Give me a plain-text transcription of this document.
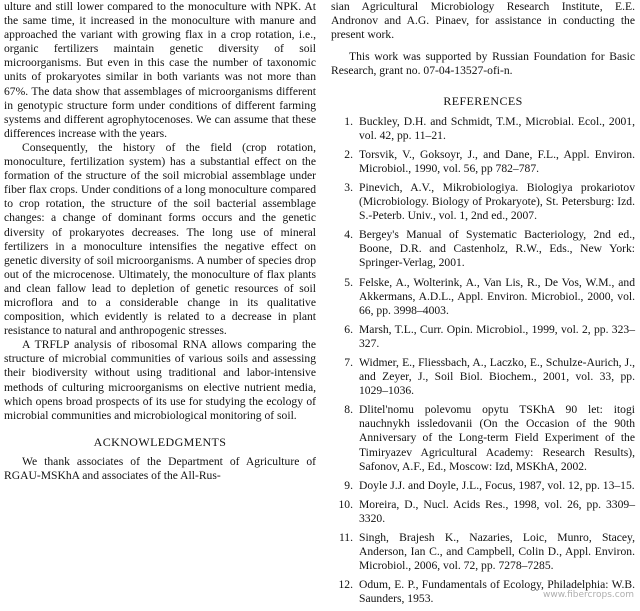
ulture and still lower compared to the monoculture with NPK. At the same time, it increased in the monoculture with manure and approached the variant with growing flax in a crop rotation, i.e., organic fertilizers maintain genetic diversity of soil microorganisms. But even in this case the number of taxonomic units of prokaryotes similar in both variants was not more than 67%. The data show that assemblages of microorganisms different in genotypic structure form under conditions of different farming systems and different agrophytocenoses. We can assume that these differences increase with the years.

Consequently, the history of the field (crop rotation, monoculture, fertilization system) has a substantial effect on the formation of the structure of the soil microbial assemblage under fiber flax crops. Under conditions of a long monoculture compared to crop rotation, the structure of the soil bacterial assemblage changes: a change of dominant forms occurs and the genetic diversity of prokaryotes decreases. The long use of mineral fertilizers in a monoculture intensifies the negative effect on genetic diversity of soil microorganisms. A number of species drop out of the microcenose. Ultimately, the monoculture of flax plants and clean fallow lead to depletion of genetic resources of soil microflora and to a considerable change in its qualitative composition, which evidently is related to a decrease in plant resistance to natural and anthropogenic stresses.

A TRFLP analysis of ribosomal RNA allows comparing the structure of microbial communities of various soils and assessing their biodiversity without using traditional and labor-intensive methods of culturing microorganisms on elective nutrient media, which opens broad prospects of its use for studying the ecology of microbial communities and microbiological monitoring of soil.

ACKNOWLEDGMENTS

We thank associates of the Department of Agriculture of RGAU-MSKhA and associates of the All-Rus-

sian Agricultural Microbiology Research Institute, E.E. Andronov and A.G. Pinaev, for assistance in conducting the present work.

This work was supported by Russian Foundation for Basic Research, grant no. 07-04-13527-ofi-n.

REFERENCES
1. Buckley, D.H. and Schmidt, T.M., Microbial. Ecol., 2001, vol. 42, pp. 11–21.
2. Torsvik, V., Goksoyr, J., and Dane, F.L., Appl. Environ. Microbiol., 1990, vol. 56, pp 782–787.
3. Pinevich, A.V., Mikrobiologiya. Biologiya prokariotov (Microbiology. Biology of Prokaryote), St. Petersburg: Izd. S.-Peterb. Univ., vol. 1, 2nd ed., 2007.
4. Bergey's Manual of Systematic Bacteriology, 2nd ed., Boone, D.R. and Castenholz, R.W., Eds., New York: Springer-Verlag, 2001.
5. Felske, A., Wolterink, A., Van Lis, R., De Vos, W.M., and Akkermans, A.D.L., Appl. Environ. Microbiol., 2000, vol. 66, pp. 3998–4003.
6. Marsh, T.L., Curr. Opin. Microbiol., 1999, vol. 2, pp. 323–327.
7. Widmer, E., Fliessbach, A., Laczko, E., Schulze-Aurich, J., and Zeyer, J., Soil Biol. Biochem., 2001, vol. 33, pp. 1029–1036.
8. Dlitel'nomu polevomu opytu TSKhA 90 let: itogi nauchnykh issledovanii (On the Occasion of the 90th Anniversary of the Long-term Field Experiment of the Timiryazev Agricultural Academy: Research Results), Safonov, A.F., Ed., Moscow: Izd, MSKhA, 2002.
9. Doyle J.J. and Doyle, J.L., Focus, 1987, vol. 12, pp. 13–15.
10. Moreira, D., Nucl. Acids Res., 1998, vol. 26, pp. 3309–3320.
11. Singh, Brajesh K., Nazaries, Loic, Munro, Stacey, Anderson, Ian C., and Campbell, Colin D., Appl. Environ. Microbiol., 2006, vol. 72, pp. 7278–7285.
12. Odum, E. P., Fundamentals of Ecology, Philadelphia: W.B. Saunders, 1953.	www.fibercrops.com
